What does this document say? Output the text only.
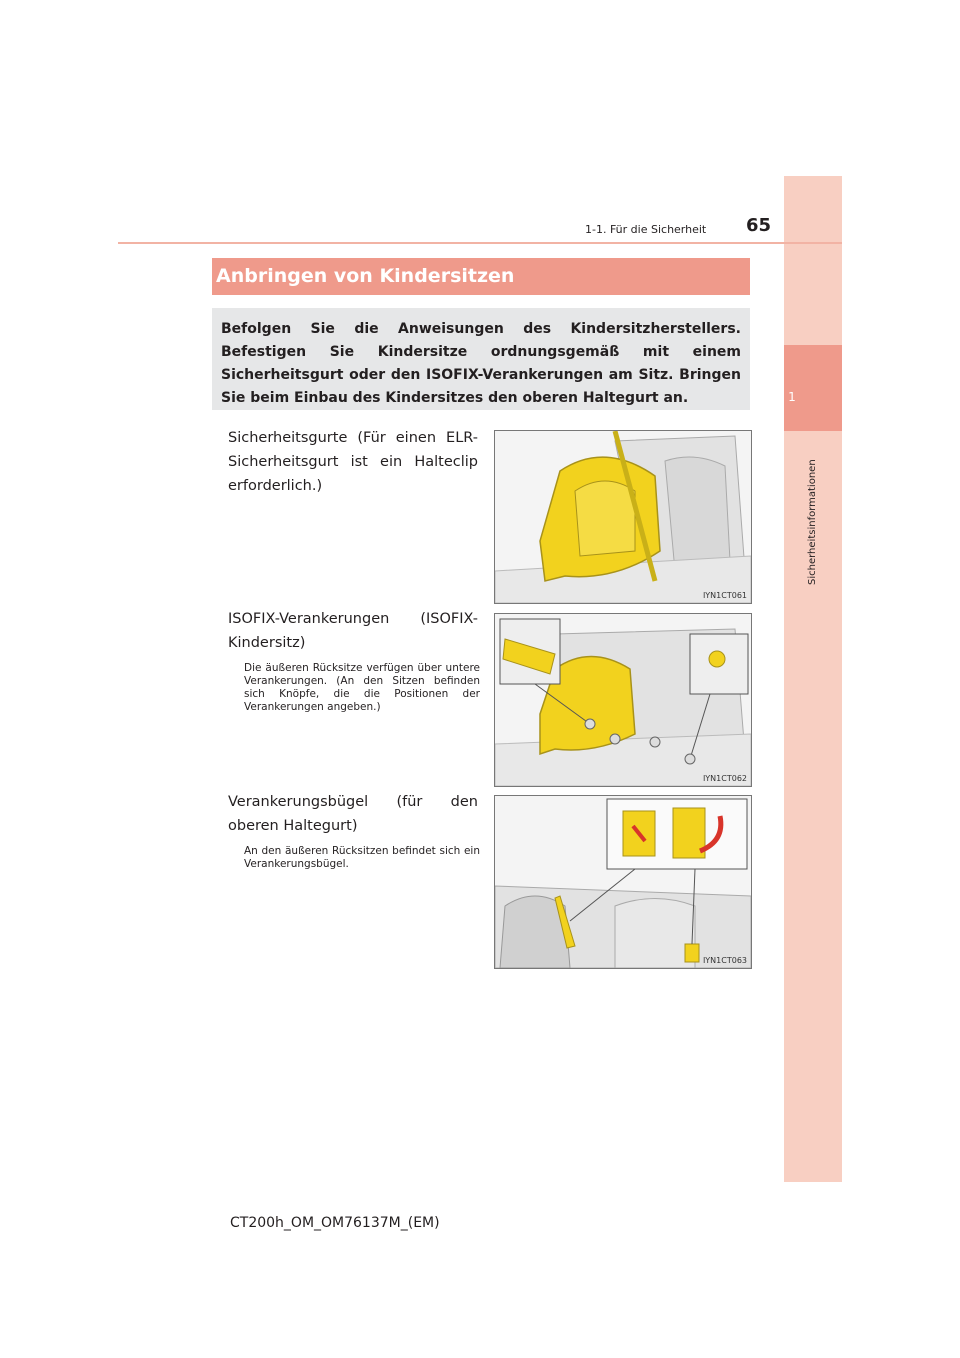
1
Sicherheitsinformationen
1-1. Für die Sicherheit 65
Anbringen von Kindersitzen
Befolgen Sie die Anweisungen des Kindersitzherstellers. Befestigen Sie Kindersitze ordnungsgemäß mit einem Sicherheitsgurt oder den ISOFIX-Verankerungen am Sitz. Bringen Sie beim Einbau des Kindersitzes den oberen Haltegurt an.
Sicherheitsgurte (Für einen ELR-Sicherheitsgurt ist ein Halteclip erforderlich.)
IYN1CT061
ISOFIX-Verankerungen (ISOFIX-Kindersitz)
Die äußeren Rücksitze verfügen über untere Verankerungen. (An den Sitzen befinden sich Knöpfe, die die Positionen der Verankerungen angeben.)
IYN1CT062
Verankerungsbügel (für den oberen Haltegurt)
An den äußeren Rücksitzen befindet sich ein Verankerungsbügel.
IYN1CT063
CT200h_OM_OM76137M_(EM)
